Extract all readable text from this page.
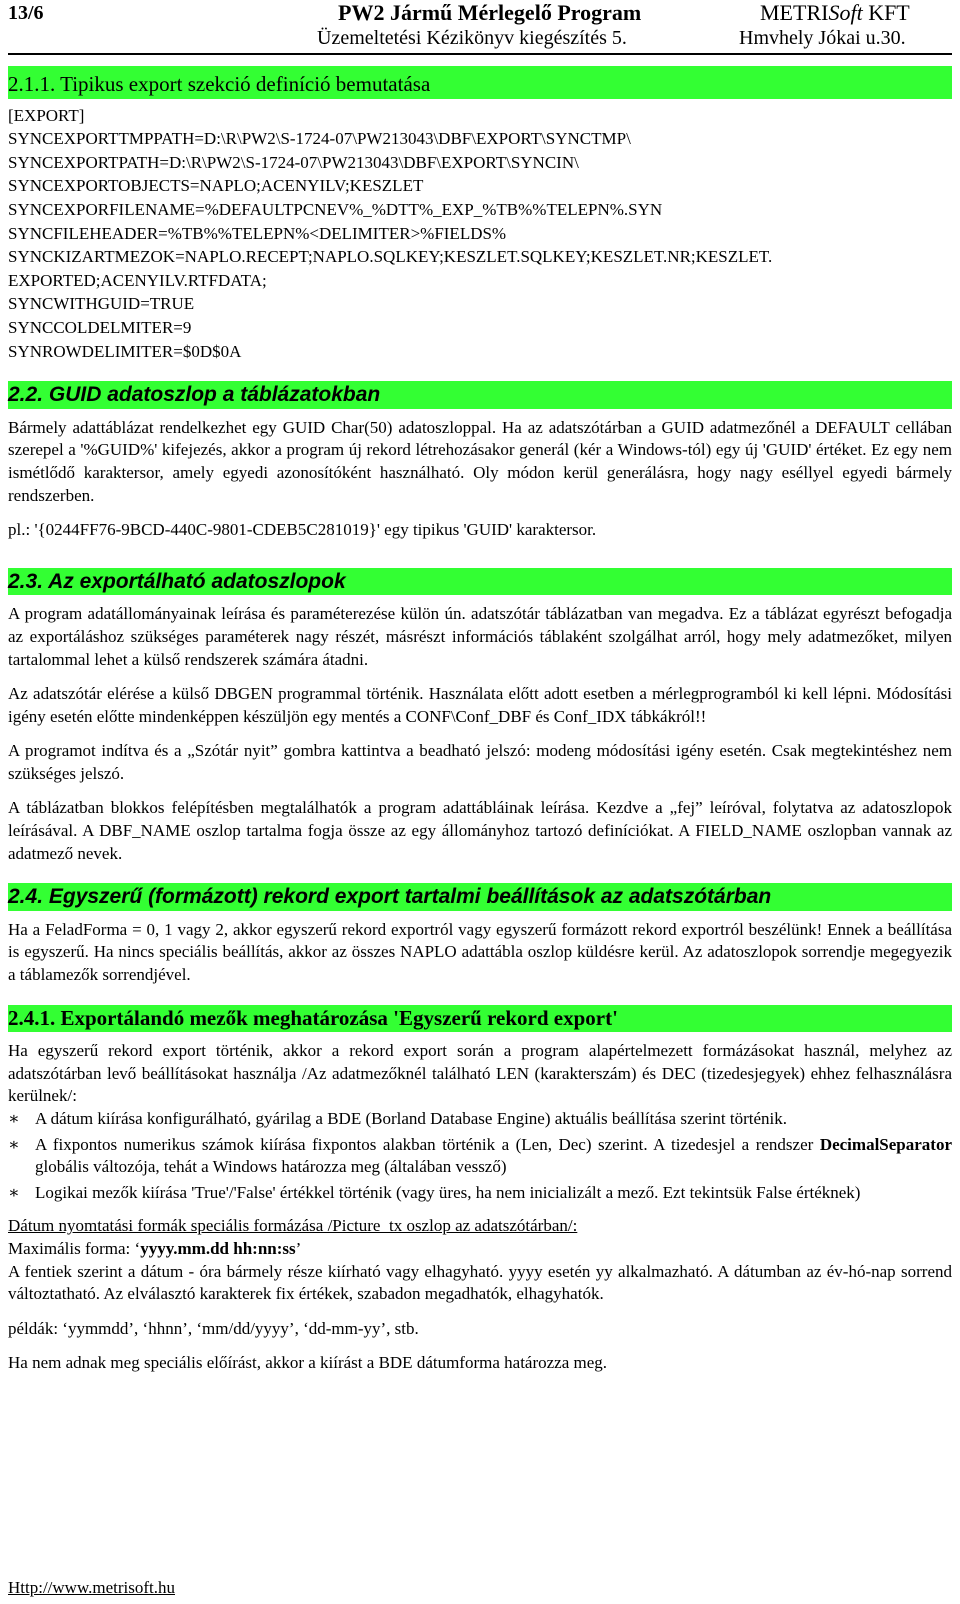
13/6	PW2 Jármű Mérlegelő Program	METRISoft KFT
Üzemeltetési Kézikönyv kiegészítés 5.	Hmvhely Jókai u.30.
2.1.1. Tipikus export szekció definíció bemutatása
[EXPORT]
SYNCEXPORTTMPPATH=D:\R\PW2\S-1724-07\PW213043\DBF\EXPORT\SYNCTMP\
SYNCEXPORTPATH=D:\R\PW2\S-1724-07\PW213043\DBF\EXPORT\SYNCIN\
SYNCEXPORTOBJECTS=NAPLO;ACENYILV;KESZLET
SYNCEXPORFILENAME=%DEFAULTPCNEV%_%DTT%_EXP_%TB%%TELEPN%.SYN
SYNCFILEHEADER=%TB%%TELEPN%<DELIMITER>%FIELDS%
SYNCKIZARTMEZOK=NAPLO.RECEPT;NAPLO.SQLKEY;KESZLET.SQLKEY;KESZLET.NR;KESZLET.
EXPORTED;ACENYILV.RTFDATA;
SYNCWITHGUID=TRUE
SYNCCOLDELMITER=9
SYNROWDELIMITER=$0D$0A
2.2. GUID adatoszlop a táblázatokban

Bármely adattáblázat rendelkezhet egy GUID Char(50) adatoszloppal. Ha az adatszótárban a GUID adatmezőnél a DEFAULT cellában szerepel a '%GUID%' kifejezés, akkor a program új rekord létrehozásakor generál (kér a Windows-tól) egy új 'GUID' értéket. Ez egy nem ismétlődő karaktersor, amely egyedi azonosítóként használható. Oly módon kerül generálásra, hogy nagy eséllyel egyedi bármely rendszerben.

pl.: '{0244FF76-9BCD-440C-9801-CDEB5C281019}' egy tipikus 'GUID' karaktersor.

2.3. Az exportálható adatoszlopok

A program adatállományainak leírása és paraméterezése külön ún. adatszótár táblázatban van megadva. Ez a táblázat egyrészt befogadja az exportáláshoz szükséges paraméterek nagy részét, másrészt információs táblaként szolgálhat arról, hogy mely adatmezőket, milyen tartalommal lehet a külső rendszerek számára átadni.

Az adatszótár elérése a külső DBGEN programmal történik. Használata előtt adott esetben a mérlegprogramból ki kell lépni. Módosítási igény esetén előtte mindenképpen készüljön egy mentés a CONF\Conf_DBF és Conf_IDX tábkákról!!

A programot indítva és a „Szótár nyit” gombra kattintva a beadható jelszó: modeng módosítási igény esetén. Csak megtekintéshez nem szükséges jelszó.

A táblázatban blokkos felépítésben megtalálhatók a program adattábláinak leírása. Kezdve a „fej” leíróval, folytatva az adatoszlopok leírásával. A DBF_NAME oszlop tartalma fogja össze az egy állományhoz tartozó definíciókat. A FIELD_NAME oszlopban vannak az adatmező nevek.

2.4. Egyszerű (formázott) rekord export tartalmi beállítások az adatszótárban

Ha a FeladForma = 0, 1 vagy 2, akkor egyszerű rekord exportról vagy egyszerű formázott rekord exportról beszélünk! Ennek a beállítása is egyszerű. Ha nincs speciális beállítás, akkor az összes NAPLO adattábla oszlop küldésre kerül. Az adatoszlopok sorrendje megegyezik a táblamezők sorrendjével.

2.4.1. Exportálandó mezők meghatározása 'Egyszerű rekord export'

Ha egyszerű rekord export történik, akkor a rekord export során a program alapértelmezett formázásokat használ, melyhez az adatszótárban levő beállításokat használja /Az adatmezőknél található LEN (karakterszám) és DEC (tizedesjegyek) ehhez felhasználásra kerülnek/:

∗ A dátum kiírása konfigurálható, gyárilag a BDE (Borland Database Engine) aktuális beállítása szerint történik.
∗ A fixpontos numerikus számok kiírása fixpontos alakban történik a (Len, Dec) szerint. A tizedesjel a rendszer DecimalSeparator globális változója, tehát a Windows határozza meg (általában vessző)
∗ Logikai mezők kiírása 'True'/'False' értékkel történik (vagy üres, ha nem inicializált a mező. Ezt tekintsük False értéknek)

Dátum nyomtatási formák speciális formázása /Picture_tx oszlop az adatszótárban/:

Maximális forma: ‘yyyy.mm.dd hh:nn:ss’

A fentiek szerint a dátum - óra bármely része kiírható vagy elhagyható. yyyy esetén yy alkalmazható. A dátumban az év-hó-nap sorrend változtatható. Az elválasztó karakterek fix értékek, szabadon megadhatók, elhagyhatók.

példák: ‘yymmdd’, ‘hhnn’, ‘mm/dd/yyyy’, ‘dd-mm-yy’, stb.

Ha nem adnak meg speciális előírást, akkor a kiírást a BDE dátumforma határozza meg.

Http://www.metrisoft.hu
